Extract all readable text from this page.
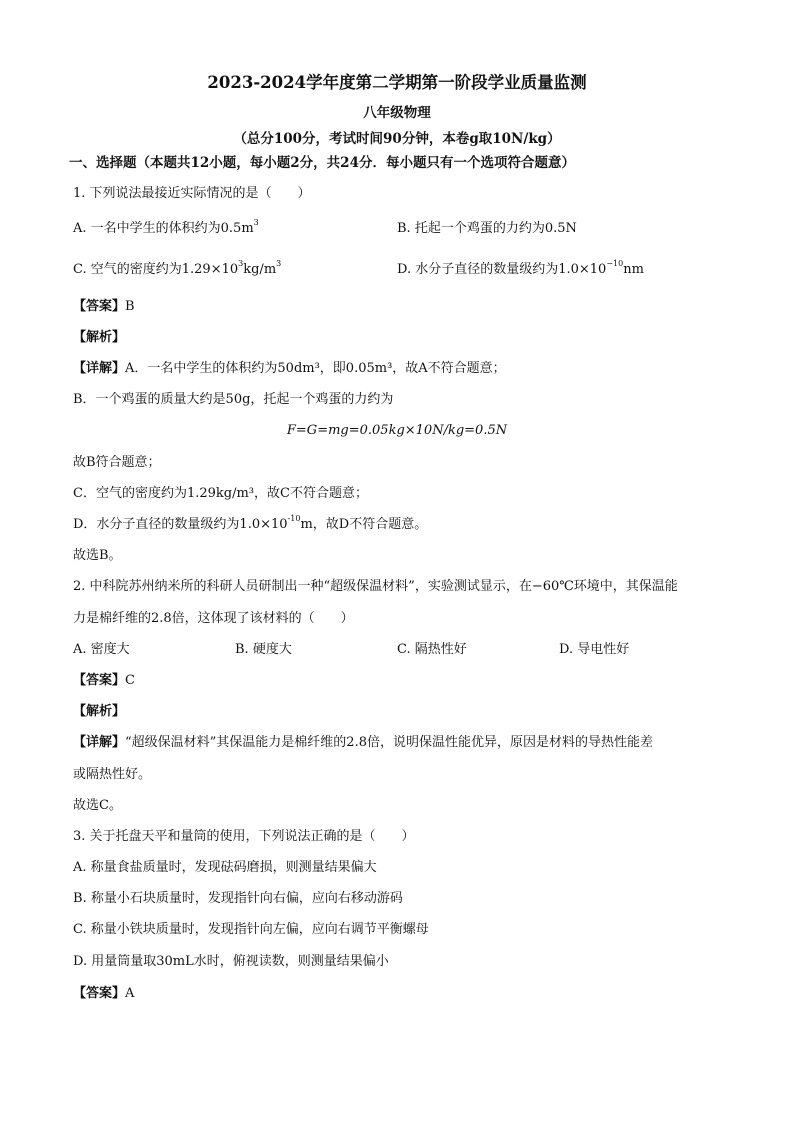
2023-2024学年度第二学期第一阶段学业质量监测
八年级物理
（总分100分，考试时间90分钟，本卷g取10N/kg）
一、选择题（本题共12小题，每小题2分，共24分．每小题只有一个选项符合题意）
1. 下列说法最接近实际情况的是（　　）
A. 一名中学生的体积约为$0.5m^3$	B. 托起一个鸡蛋的力约为0.5N
C. 空气的密度约为$1.29\times 10^3kg/m^3$	D. 水分子直径的数量级约为$1.0\times 10^{-10}nm$
【答案】B
【解析】
【详解】A．一名中学生的体积约为50dm³，即0.05m³，故A不符合题意；
B．一个鸡蛋的质量大约是50g，托起一个鸡蛋的力约为
F=G=mg=0.05kg×10N/kg=0.5N
故B符合题意；
C．空气的密度约为1.29kg/m³，故C不符合题意；
D．水分子直径的数量级约为$1.0\times 10^{-10}m$，故D不符合题意。
故选B。
2. 中科院苏州纳米所的科研人员研制出一种“超级保温材料”，实验测试显示，在−60℃环境中，其保温能
力是棉纤维的2.8倍，这体现了该材料的（　　）
A. 密度大	B. 硬度大	C. 隔热性好	D. 导电性好
【答案】C
【解析】
【详解】“超级保温材料”其保温能力是棉纤维的2.8倍，说明保温性能优异，原因是材料的导热性能差
或隔热性好。
故选C。
3. 关于托盘天平和量筒的使用，下列说法正确的是（　　）
A. 称量食盐质量时，发现砝码磨损，则测量结果偏大
B. 称量小石块质量时，发现指针向右偏，应向右移动游码
C. 称量小铁块质量时，发现指针向左偏，应向右调节平衡螺母
D. 用量筒量取30mL水时，俯视读数，则测量结果偏小
【答案】A
